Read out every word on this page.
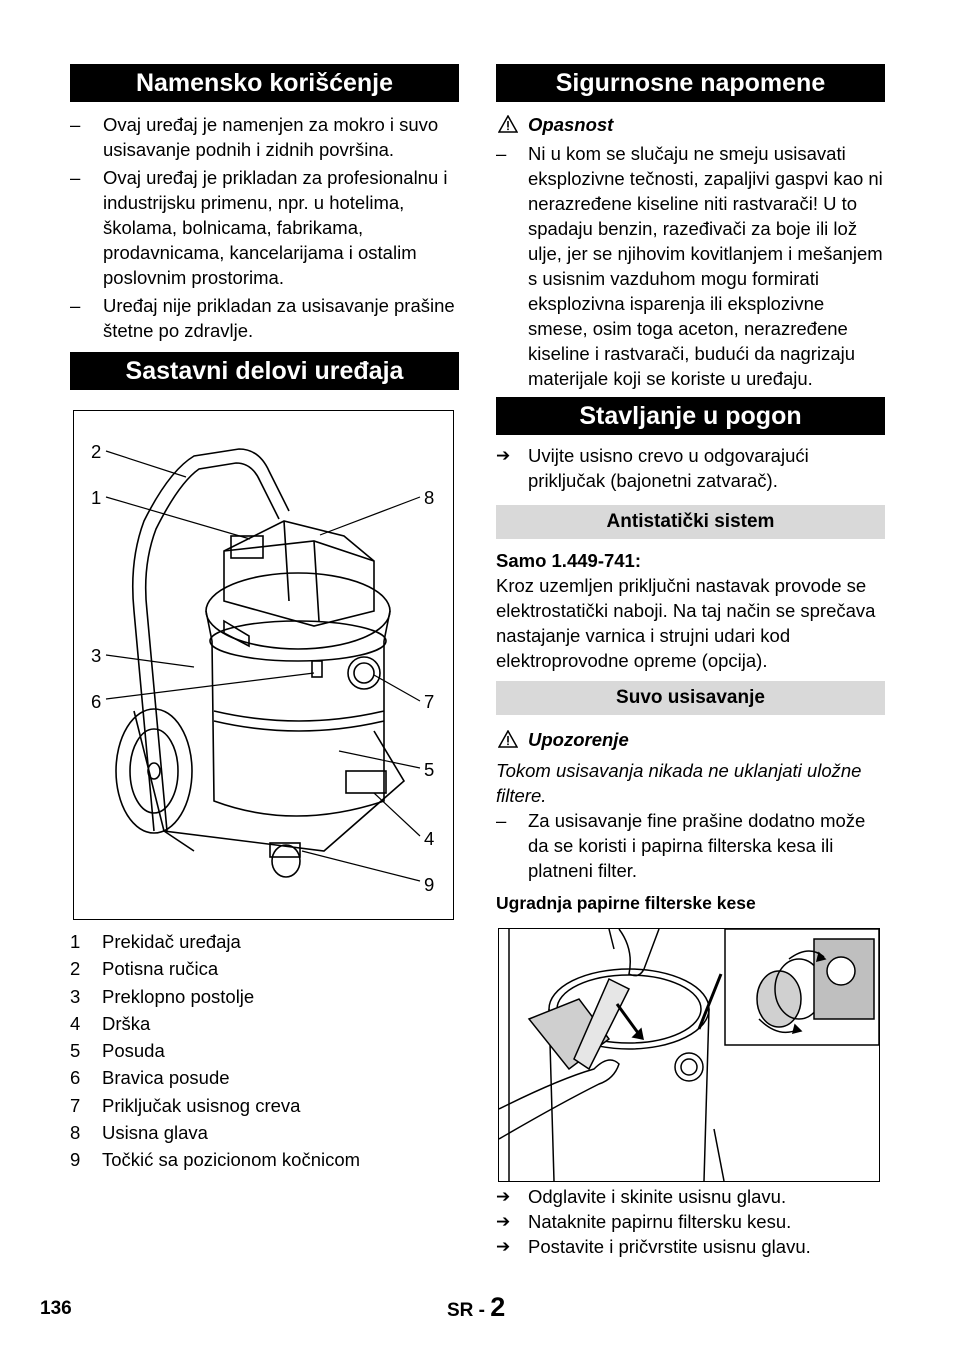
Namensko korišćenje
–	Ovaj uređaj je namenjen za mokro i suvo usisavanje podnih i zidnih površina.
–	Ovaj uređaj je prikladan za profesionalnu i industrijsku primenu, npr. u hotelima, školama, bolnicama, fabrikama, prodavnicama, kancelarijama i ostalim poslovnim prostorima.
–	Uređaj nije prikladan za usisavanje prašine štetne po zdravlje.
Sastavni delovi uređaja
2
1	8
3
6	7
5
4
9
1 Prekidač uređaja
2 Potisna ručica
3 Preklopno postolje
4 Drška
5 Posuda
6 Bravica posude
7 Priključak usisnog creva
8 Usisna glava
9 Točkić sa pozicionom kočnicom
Sigurnosne napomene
Opasnost
–	Ni u kom se slučaju ne smeju usisavati eksplozivne tečnosti, zapaljivi gaspvi kao ni nerazređene kiseline niti rastvarači! U to spadaju benzin, razeđivači za boje ili lož ulje, jer se njihovim kovitlanjem i mešanjem s usisnim vazduhom mogu formirati eksplozivna isparenja ili eksplozivne smese, osim toga aceton, nerazređene kiseline i rastvarači, budući da nagrizaju materijale koji se koriste u uređaju.
Stavljanje u pogon
➔ Uvijte usisno crevo u odgovarajući priključak (bajonetni zatvarač).
Antistatički sistem
Samo 1.449-741:
Kroz uzemljen priključni nastavak provode se elektrostatički naboji. Na taj način se sprečava nastajanje varnica i strujni udari kod elektroprovodne opreme (opcija).
Suvo usisavanje
Upozorenje
Tokom usisavanja nikada ne uklanjati uložne filtere.
–	Za usisavanje fine prašine dodatno može da se koristi i papirna filterska kesa ili platneni filter.
Ugradnja papirne filterske kese
➔ Odglavite i skinite usisnu glavu.
➔ Nataknite papirnu filtersku kesu.
➔ Postavite i pričvrstite usisnu glavu.
136	SR - 2
